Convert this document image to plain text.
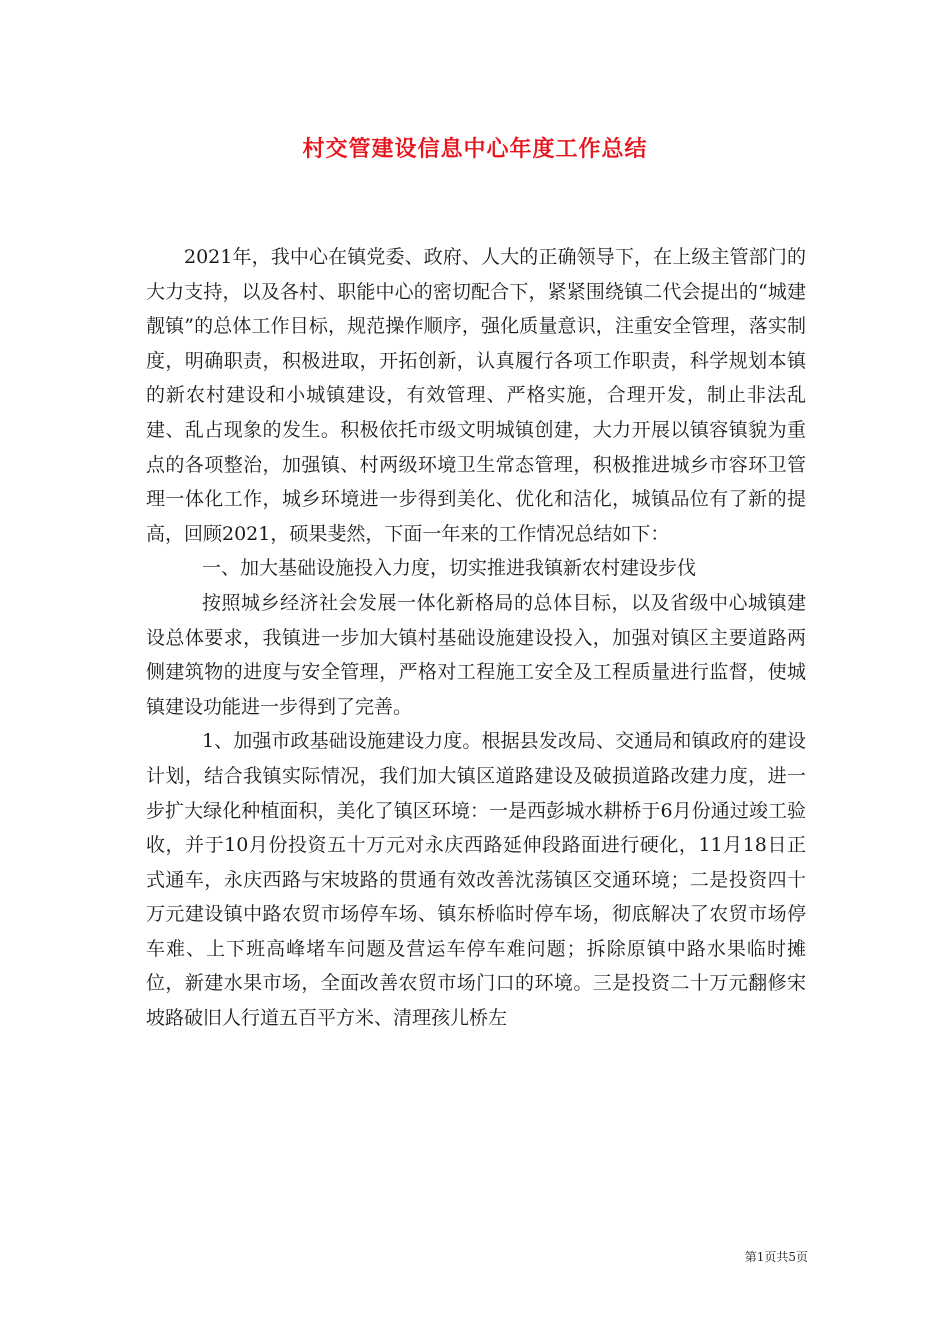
村交管建设信息中心年度工作总结

2021年，我中心在镇党委、政府、人大的正确领导下，在上级主管部门的大力支持，以及各村、职能中心的密切配合下，紧紧围绕镇二代会提出的“城建靓镇”的总体工作目标，规范操作顺序，强化质量意识，注重安全管理，落实制度，明确职责，积极进取，开拓创新，认真履行各项工作职责，科学规划本镇的新农村建设和小城镇建设，有效管理、严格实施，合理开发，制止非法乱建、乱占现象的发生。积极依托市级文明城镇创建，大力开展以镇容镇貌为重点的各项整治，加强镇、村两级环境卫生常态管理，积极推进城乡市容环卫管理一体化工作，城乡环境进一步得到美化、优化和洁化，城镇品位有了新的提高，回顾2021，硕果斐然，下面一年来的工作情况总结如下：

一、加大基础设施投入力度，切实推进我镇新农村建设步伐

按照城乡经济社会发展一体化新格局的总体目标，以及省级中心城镇建设总体要求，我镇进一步加大镇村基础设施建设投入，加强对镇区主要道路两侧建筑物的进度与安全管理，严格对工程施工安全及工程质量进行监督，使城镇建设功能进一步得到了完善。

1、加强市政基础设施建设力度。根据县发改局、交通局和镇政府的建设计划，结合我镇实际情况，我们加大镇区道路建设及破损道路改建力度，进一步扩大绿化种植面积，美化了镇区环境：一是西彭城水耕桥于6月份通过竣工验收，并于10月份投资五十万元对永庆西路延伸段路面进行硬化，11月18日正式通车，永庆西路与宋坡路的贯通有效改善沈荡镇区交通环境；二是投资四十万元建设镇中路农贸市场停车场、镇东桥临时停车场，彻底解决了农贸市场停车难、上下班高峰堵车问题及营运车停车难问题；拆除原镇中路水果临时摊位，新建水果市场，全面改善农贸市场门口的环境。三是投资二十万元翻修宋坡路破旧人行道五百平方米、清理孩儿桥左

第1页共5页
